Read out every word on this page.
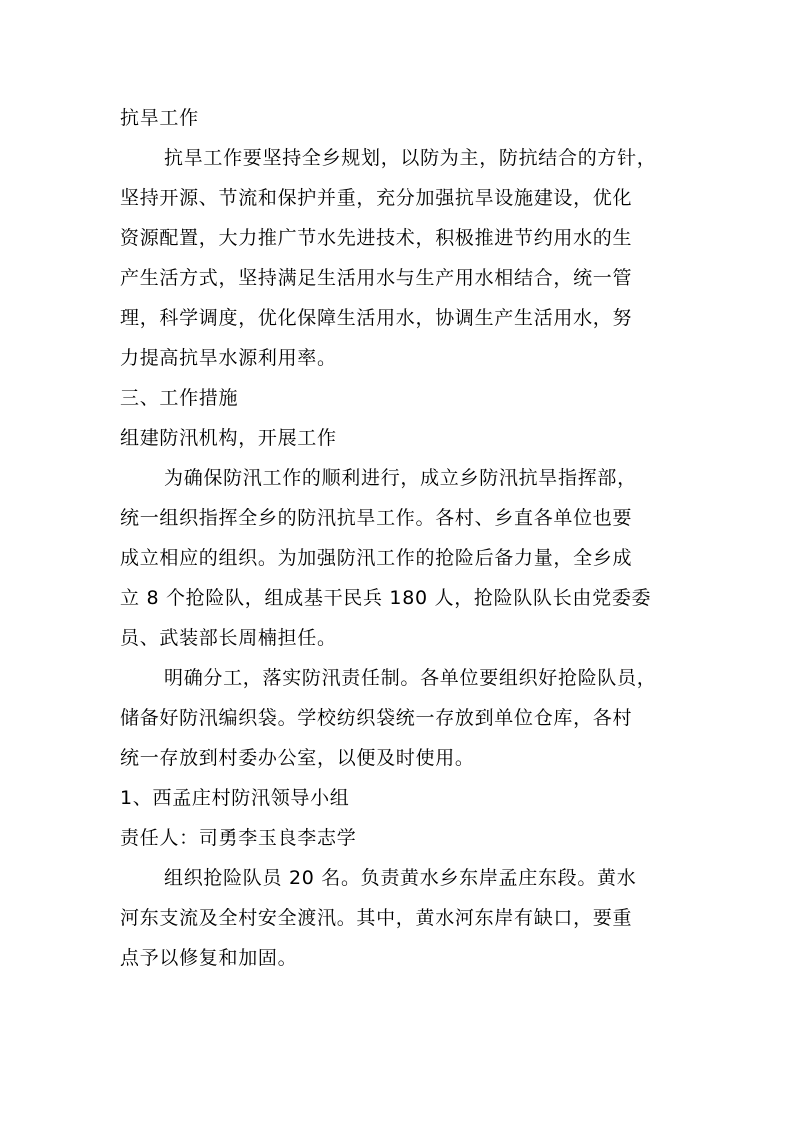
抗旱工作

抗旱工作要坚持全乡规划，以防为主，防抗结合的方针，

坚持开源、节流和保护并重，充分加强抗旱设施建设，优化

资源配置，大力推广节水先进技术，积极推进节约用水的生

产生活方式，坚持满足生活用水与生产用水相结合，统一管

理，科学调度，优化保障生活用水，协调生产生活用水，努

力提高抗旱水源利用率。

三、工作措施

组建防汛机构，开展工作

为确保防汛工作的顺利进行，成立乡防汛抗旱指挥部，

统一组织指挥全乡的防汛抗旱工作。各村、乡直各单位也要

成立相应的组织。为加强防汛工作的抢险后备力量，全乡成

立 8 个抢险队，组成基干民兵 180 人，抢险队队长由党委委

员、武装部长周楠担任。

明确分工，落实防汛责任制。各单位要组织好抢险队员，

储备好防汛编织袋。学校纺织袋统一存放到单位仓库，各村

统一存放到村委办公室，以便及时使用。

1、西孟庄村防汛领导小组

责任人：司勇李玉良李志学

组织抢险队员 20 名。负责黄水乡东岸孟庄东段。黄水

河东支流及全村安全渡汛。其中，黄水河东岸有缺口，要重

点予以修复和加固。
